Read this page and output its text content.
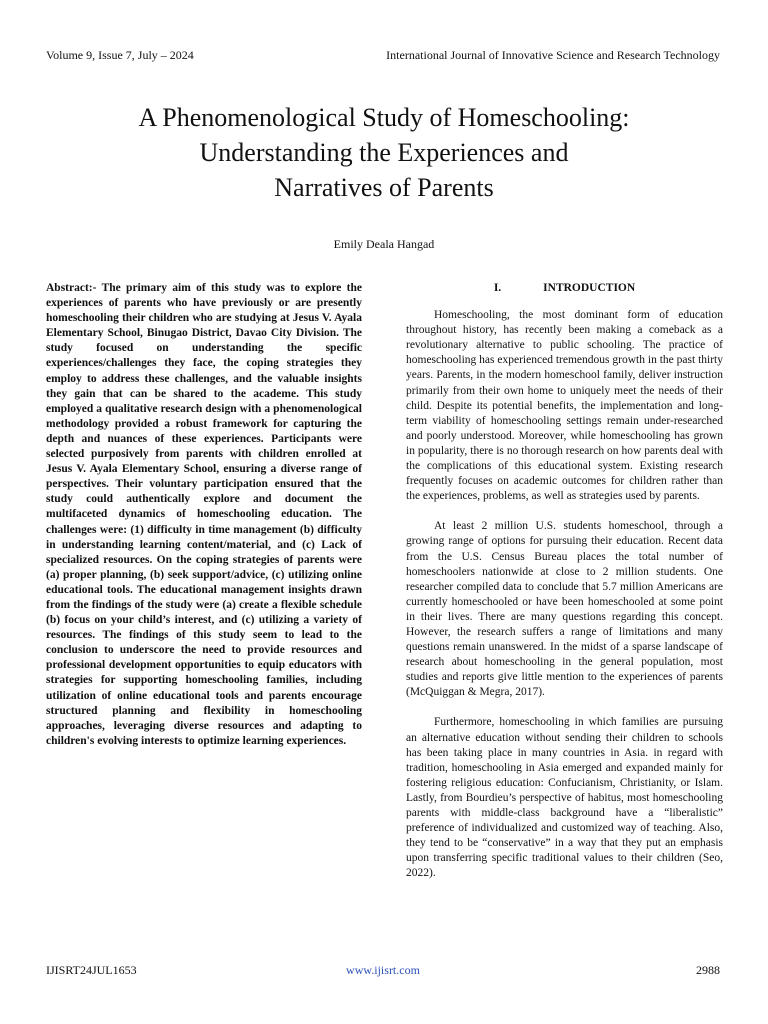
Volume 9, Issue 7, July – 2024	International Journal of Innovative Science and Research Technology
A Phenomenological Study of Homeschooling:
Understanding the Experiences and
Narratives of Parents
Emily Deala Hangad
Abstract:- The primary aim of this study was to explore the experiences of parents who have previously or are presently homeschooling their children who are studying at Jesus V. Ayala Elementary School, Binugao District, Davao City Division. The study focused on understanding the specific experiences/challenges they face, the coping strategies they employ to address these challenges, and the valuable insights they gain that can be shared to the academe. This study employed a qualitative research design with a phenomenological methodology provided a robust framework for capturing the depth and nuances of these experiences. Participants were selected purposively from parents with children enrolled at Jesus V. Ayala Elementary School, ensuring a diverse range of perspectives. Their voluntary participation ensured that the study could authentically explore and document the multifaceted dynamics of homeschooling education. The challenges were: (1) difficulty in time management (b) difficulty in understanding learning content/material, and (c) Lack of specialized resources. On the coping strategies of parents were (a) proper planning, (b) seek support/advice, (c) utilizing online educational tools. The educational management insights drawn from the findings of the study were (a) create a flexible schedule (b) focus on your child’s interest, and (c) utilizing a variety of resources. The findings of this study seem to lead to the conclusion to underscore the need to provide resources and professional development opportunities to equip educators with strategies for supporting homeschooling families, including utilization of online educational tools and parents encourage structured planning and flexibility in homeschooling approaches, leveraging diverse resources and adapting to children's evolving interests to optimize learning experiences.
I.	INTRODUCTION

Homeschooling, the most dominant form of education throughout history, has recently been making a comeback as a revolutionary alternative to public schooling. The practice of homeschooling has experienced tremendous growth in the past thirty years. Parents, in the modern homeschool family, deliver instruction primarily from their own home to uniquely meet the needs of their child. Despite its potential benefits, the implementation and long-term viability of homeschooling settings remain under-researched and poorly understood. Moreover, while homeschooling has grown in popularity, there is no thorough research on how parents deal with the complications of this educational system. Existing research frequently focuses on academic outcomes for children rather than the experiences, problems, as well as strategies used by parents.

At least 2 million U.S. students homeschool, through a growing range of options for pursuing their education. Recent data from the U.S. Census Bureau places the total number of homeschoolers nationwide at close to 2 million students. One researcher compiled data to conclude that 5.7 million Americans are currently homeschooled or have been homeschooled at some point in their lives. There are many questions regarding this concept. However, the research suffers a range of limitations and many questions remain unanswered. In the midst of a sparse landscape of research about homeschooling in the general population, most studies and reports give little mention to the experiences of parents (McQuiggan & Megra, 2017).

Furthermore, homeschooling in which families are pursuing an alternative education without sending their children to schools has been taking place in many countries in Asia. in regard with tradition, homeschooling in Asia emerged and expanded mainly for fostering religious education: Confucianism, Christianity, or Islam. Lastly, from Bourdieu’s perspective of habitus, most homeschooling parents with middle-class background have a “liberalistic” preference of individualized and customized way of teaching. Also, they tend to be “conservative” in a way that they put an emphasis upon transferring specific traditional values to their children (Seo, 2022).

IJISRT24JUL1653	www.ijisrt.com	2988
